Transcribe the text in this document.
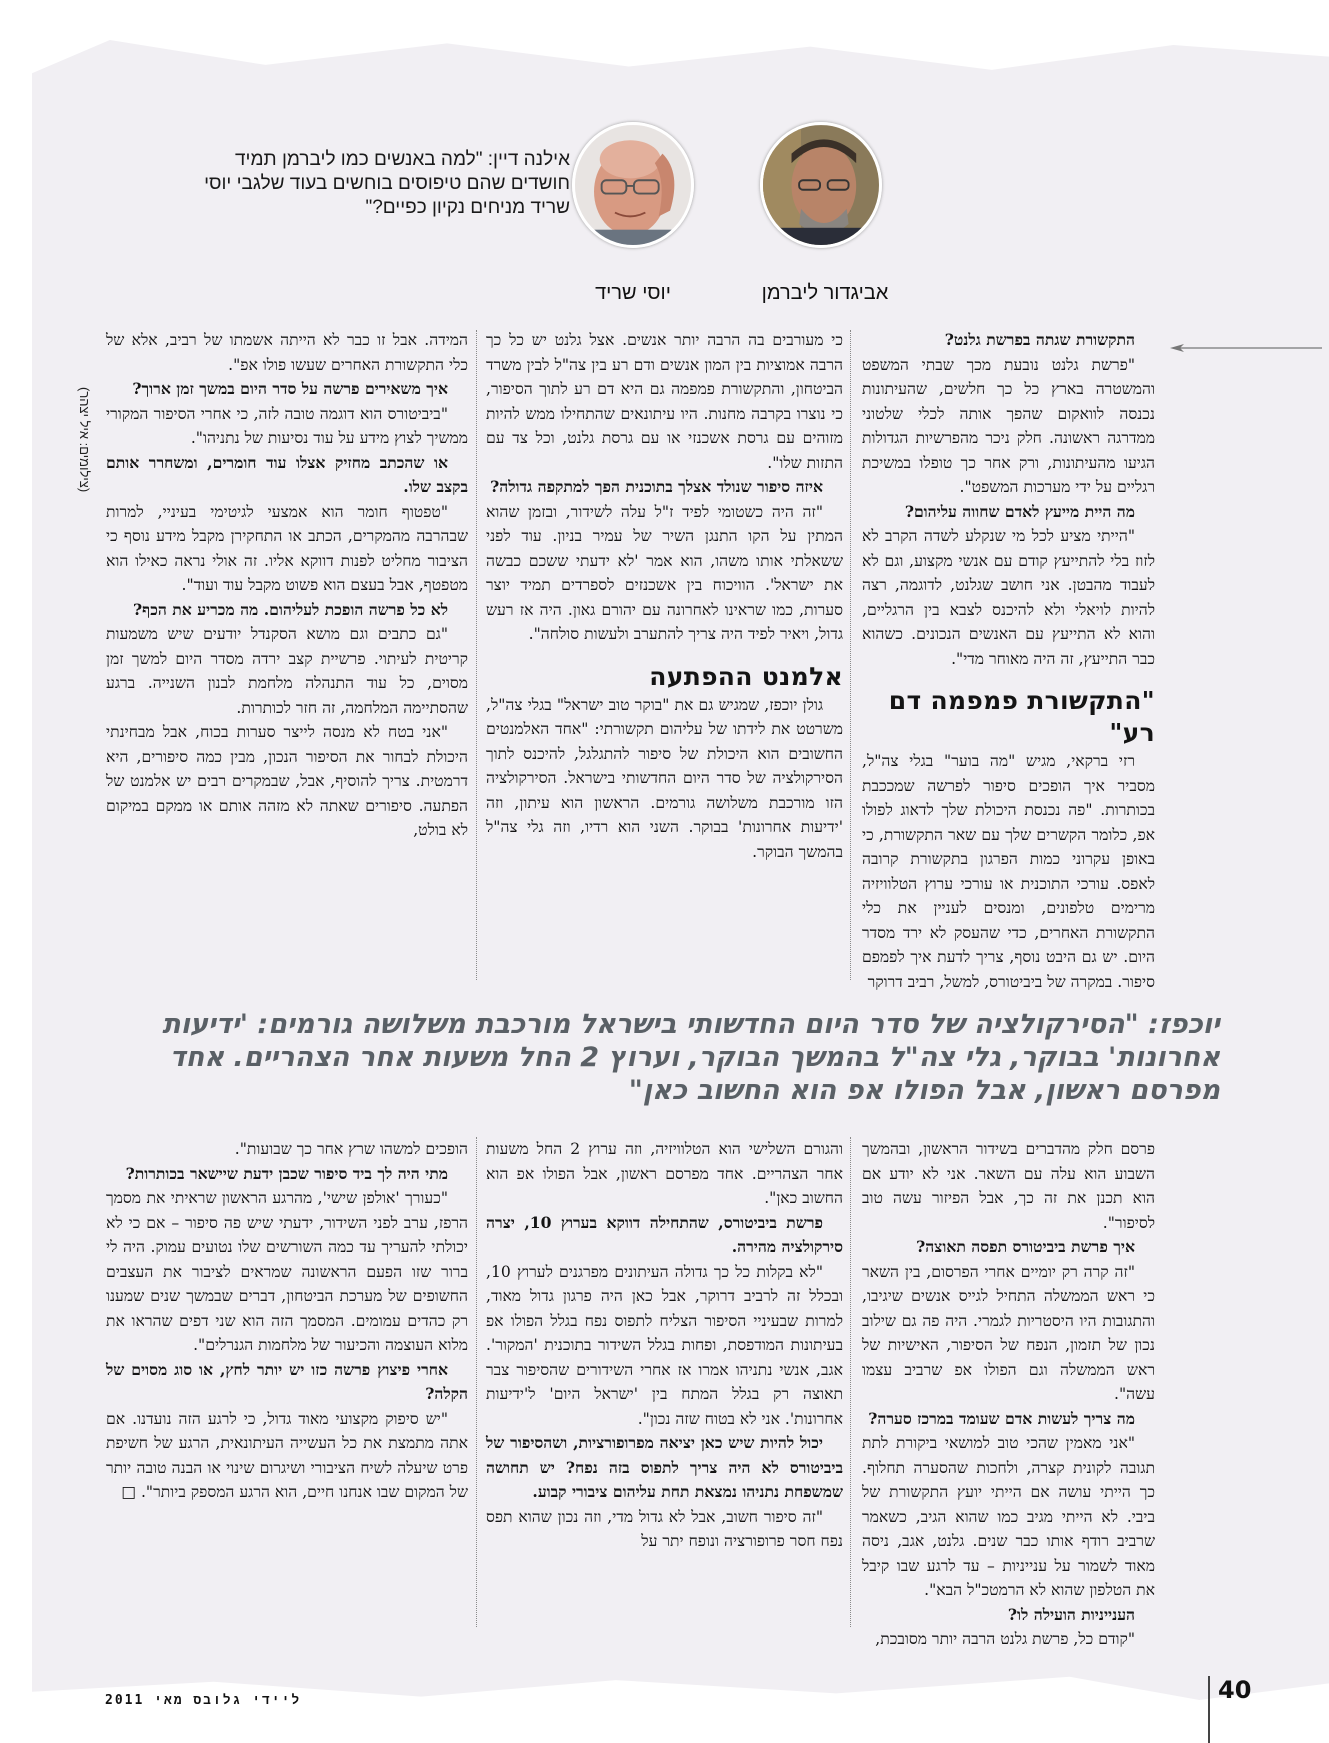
אילנה דיין: "למה באנשים כמו ליברמן תמיד חושדים שהם טיפוסים בוחשים בעוד שלגבי יוסי שריד מניחים נקיון כפיים?"
יוסי שריד	אביגדור ליברמן
(צילומים: איל יצהר)

התקשורת שגתה בפרשת גלנט?

"פרשת גלנט נובעת מכך שבתי המשפט והמשטרה בארץ כל כך חלשים, שהעיתונות נכנסה לוואקום שהפך אותה לכלי שלטוני ממדרגה ראשונה. חלק ניכר מהפרשיות הגדולות הגיעו מהעיתונות, ורק אחר כך טופלו במשיכת רגליים על ידי מערכות המשפט".

מה היית מייעץ לאדם שחווה עליהום?

"הייתי מציע לכל מי שנקלע לשדה הקרב לא לזוז בלי להתייעץ קודם עם אנשי מקצוע, וגם לא לעבוד מהבטן. אני חושב שגלנט, לדוגמה, רצה להיות לויאלי ולא להיכנס לצבא בין הרגליים, והוא לא התייעץ עם האנשים הנכונים. כשהוא כבר התייעץ, זה היה מאוחר מדי".

"התקשורת פמפמה דם רע"

רזי ברקאי, מגיש "מה בוער" בגלי צה"ל, מסביר איך הופכים סיפור לפרשה שמככבת בכותרות. "פה נכנסת היכולת שלך לדאוג לפולו אפ, כלומר הקשרים שלך עם שאר התקשורת, כי באופן עקרוני כמות הפרגון בתקשורת קרובה לאפס. עורכי התוכנית או עורכי ערוץ הטלוויזיה מרימים טלפונים, ומנסים לעניין את כלי התקשורת האחרים, כדי שהעסק לא ירד מסדר היום. יש גם היבט נוסף, צריך לדעת איך לפמפם סיפור. במקרה של ביביטורס, למשל, רביב דרוקר

כי מעורבים בה הרבה יותר אנשים. אצל גלנט יש כל כך הרבה אמוציות בין המון אנשים ודם רע בין צה"ל לבין משרד הביטחון, והתקשורת פמפמה גם היא דם רע לתוך הסיפור, כי נוצרו בקרבה מחנות. היו עיתונאים שהתחילו ממש להיות מזוהים עם גרסת אשכנזי או עם גרסת גלנט, וכל צד עם התזות שלו".

איזה סיפור שנולד אצלך בתוכנית הפך למתקפה גדולה?

"זה היה כשטומי לפיד ז"ל עלה לשידור, ובזמן שהוא המתין על הקו התנגן השיר של עמיר בניון. עוד לפני ששאלתי אותו משהו, הוא אמר 'לא ידעתי ששכם כבשה את ישראל'. הוויכוח בין אשכנזים לספרדים תמיד יוצר סערות, כמו שראינו לאחרונה עם יהורם גאון. היה אז רעש גדול, ויאיר לפיד היה צריך להתערב ולעשות סולחה".

אלמנט ההפתעה

גולן יוכפז, שמגיש גם את "בוקר טוב ישראל" בגלי צה"ל, משרטט את לידתו של עליהום תקשורתי: "אחד האלמנטים החשובים הוא היכולת של סיפור להתגלגל, להיכנס לתוך הסירקולציה של סדר היום החדשותי בישראל. הסירקולציה הזו מורכבת משלושה גורמים. הראשון הוא עיתון, וזה 'ידיעות אחרונות' בבוקר. השני הוא רדיו, וזה גלי צה"ל בהמשך הבוקר.

המידה. אבל זו כבר לא הייתה אשמתו של רביב, אלא של כלי התקשורת האחרים שעשו פולו אפ".

איך משאירים פרשה על סדר היום במשך זמן ארוך?

"ביביטורס הוא דוגמה טובה לזה, כי אחרי הסיפור המקורי ממשיך לצוץ מידע על עוד נסיעות של נתניהו".

או שהכתב מחזיק אצלו עוד חומרים, ומשחרר אותם בקצב שלו.

"טפטוף חומר הוא אמצעי לגיטימי בעיניי, למרות שבהרבה מהמקרים, הכתב או התחקירן מקבל מידע נוסף כי הציבור מחליט לפנות דווקא אליו. זה אולי נראה כאילו הוא מטפטף, אבל בעצם הוא פשוט מקבל עוד ועוד".

לא כל פרשה הופכת לעליהום. מה מכריע את הכף?

"גם כתבים וגם מושא הסקנדל יודעים שיש משמעות קריטית לעיתוי. פרשיית קצב ירדה מסדר היום למשך זמן מסוים, כל עוד התנהלה מלחמת לבנון השנייה. ברגע שהסתיימה המלחמה, זה חזר לכותרות.

"אני בטח לא מנסה לייצר סערות בכוח, אבל מבחינתי היכולת לבחור את הסיפור הנכון, מבין כמה סיפורים, היא דרמטית. צריך להוסיף, אבל, שבמקרים רבים יש אלמנט של הפתעה. סיפורים שאתה לא מזהה אותם או ממקם במיקום לא בולט,

יוכפז: "הסירקולציה של סדר היום החדשותי בישראל מורכבת משלושה גורמים: 'ידיעות אחרונות' בבוקר, גלי צה"ל בהמשך הבוקר, וערוץ 2 החל משעות אחר הצהריים. אחד מפרסם ראשון, אבל הפולו אפ הוא החשוב כאן"

פרסם חלק מהדברים בשידור הראשון, ובהמשך השבוע הוא עלה עם השאר. אני לא יודע אם הוא תכנן את זה כך, אבל הפיזור עשה טוב לסיפור".

איך פרשת ביביטורס תפסה תאוצה?

"זה קרה רק יומיים אחרי הפרסום, בין השאר כי ראש הממשלה התחיל לגייס אנשים שיגיבו, והתגובות היו היסטריות לגמרי. היה פה גם שילוב נכון של תזמון, הנפח של הסיפור, האישיות של ראש הממשלה וגם הפולו אפ שרביב עצמו עשה".

מה צריך לעשות אדם שעומד במרכז סערה?

"אני מאמין שהכי טוב למושאי ביקורת לתת תגובה לקונית קצרה, ולחכות שהסערה תחלוף. כך הייתי עושה אם הייתי יועץ התקשורת של ביבי. לא הייתי מגיב כמו שהוא הגיב, כשאמר שרביב רודף אותו כבר שנים. גלנט, אגב, ניסה מאוד לשמור על ענייניות – עד לרגע שבו קיבל את הטלפון שהוא לא הרמטכ"ל הבא".

הענייניות הועילה לו?

"קודם כל, פרשת גלנט הרבה יותר מסובכת,

והגורם השלישי הוא הטלוויזיה, וזה ערוץ 2 החל משעות אחר הצהריים. אחד מפרסם ראשון, אבל הפולו אפ הוא החשוב כאן".

פרשת ביביטורס, שהתחילה דווקא בערוץ 10, יצרה סירקולציה מהירה.

"לא בקלות כל כך גדולה העיתונים מפרגנים לערוץ 10, ובכלל זה לרביב דרוקר, אבל כאן היה פרגון גדול מאוד, למרות שבעיניי הסיפור הצליח לתפוס נפח בגלל הפולו אפ בעיתונות המודפסת, ופחות בגלל השידור בתוכנית 'המקור'. אגב, אנשי נתניהו אמרו אז אחרי השידורים שהסיפור צבר תאוצה רק בגלל המתח בין 'ישראל היום' ל'ידיעות אחרונות'. אני לא בטוח שזה נכון".

יכול להיות שיש כאן יציאה מפרופורציות, ושהסיפור של ביביטורס לא היה צריך לתפוס בזה נפח? יש תחושה שמשפחת נתניהו נמצאת תחת עליהום ציבורי קבוע.

"זה סיפור חשוב, אבל לא גדול מדי, וזה נכון שהוא תפס נפח חסר פרופורציה ונופח יתר על

הופכים למשהו שרץ אחר כך שבועות".

מתי היה לך ביד סיפור שכבן ידעת שיישאר בכותרות?

"כעורך 'אולפן שישי', מהרגע הראשון שראיתי את מסמך הרפז, ערב לפני השידור, ידעתי שיש פה סיפור – אם כי לא יכולתי להעריך עד כמה השורשים שלו נטועים עמוק. היה לי ברור שזו הפעם הראשונה שמראים לציבור את העצבים החשופים של מערכת הביטחון, דברים שבמשך שנים שמענו רק כהדים עמומים. המסמך הזה הוא שני דפים שהראו את מלוא העוצמה והכיעור של מלחמות הגנרלים".

אחרי פיצוץ פרשה כזו יש יותר לחץ, או סוג מסוים של הקלה?

"יש סיפוק מקצועי מאוד גדול, כי לרגע הזה נועדנו. אם אתה מתמצת את כל העשייה העיתונאית, הרגע של חשיפת פרט שיעלה לשיח הציבורי ושיגרום שינוי או הבנה טובה יותר של המקום שבו אנחנו חיים, הוא הרגע המספק ביותר". □

ליידי גלובס מאי 2011	40
